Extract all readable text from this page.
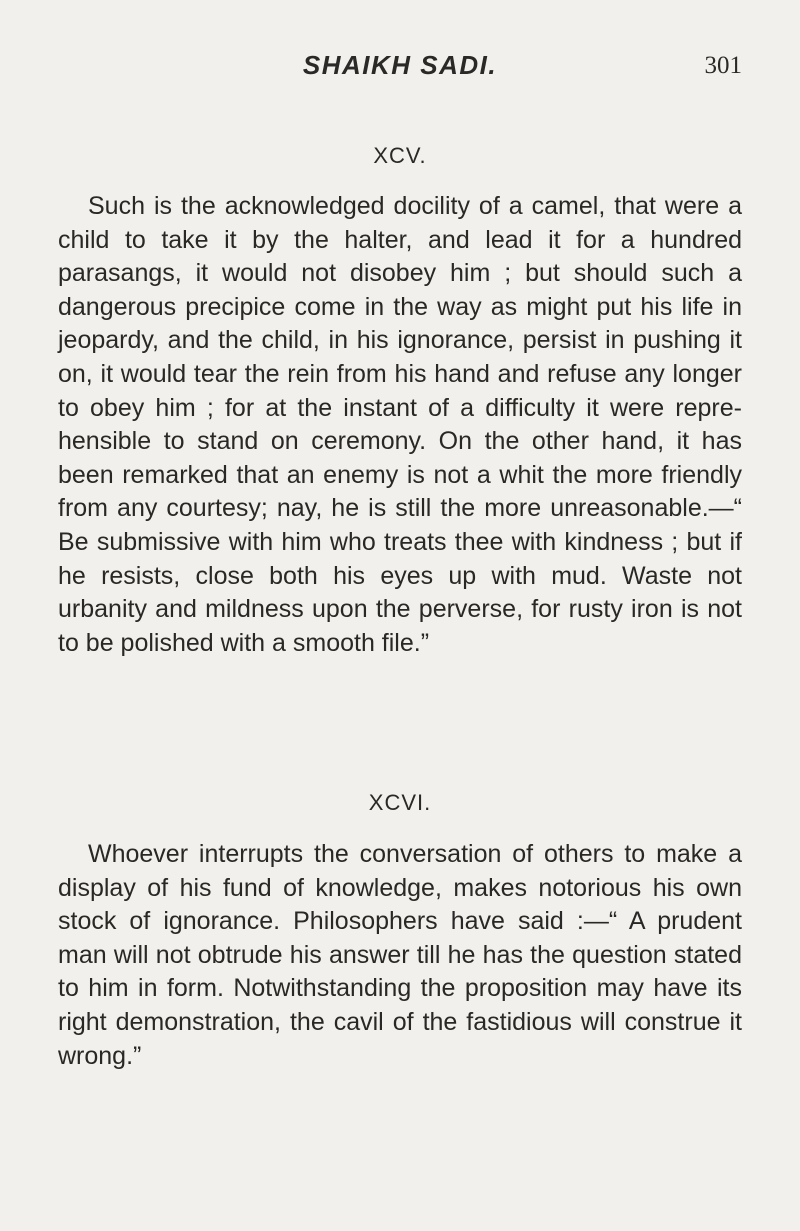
SHAIKH SADI.	301
XCV.

Such is the acknowledged docility of a camel, that were a child to take it by the halter, and lead it for a hundred parasangs, it would not disobey him ; but should such a dangerous precipice come in the way as might put his life in jeopardy, and the child, in his ignorance, persist in pushing it on, it would tear the rein from his hand and refuse any longer to obey him ; for at the instant of a difficulty it were repre-hensible to stand on ceremony. On the other hand, it has been remarked that an enemy is not a whit the more friendly from any courtesy; nay, he is still the more unreasonable.—“ Be submissive with him who treats thee with kindness ; but if he resists, close both his eyes up with mud. Waste not urbanity and mildness upon the perverse, for rusty iron is not to be polished with a smooth file.”

XCVI.

Whoever interrupts the conversation of others to make a display of his fund of knowledge, makes notorious his own stock of ignorance. Philosophers have said :—“ A prudent man will not obtrude his answer till he has the question stated to him in form. Notwithstanding the proposition may have its right demonstration, the cavil of the fastidious will construe it wrong.”
